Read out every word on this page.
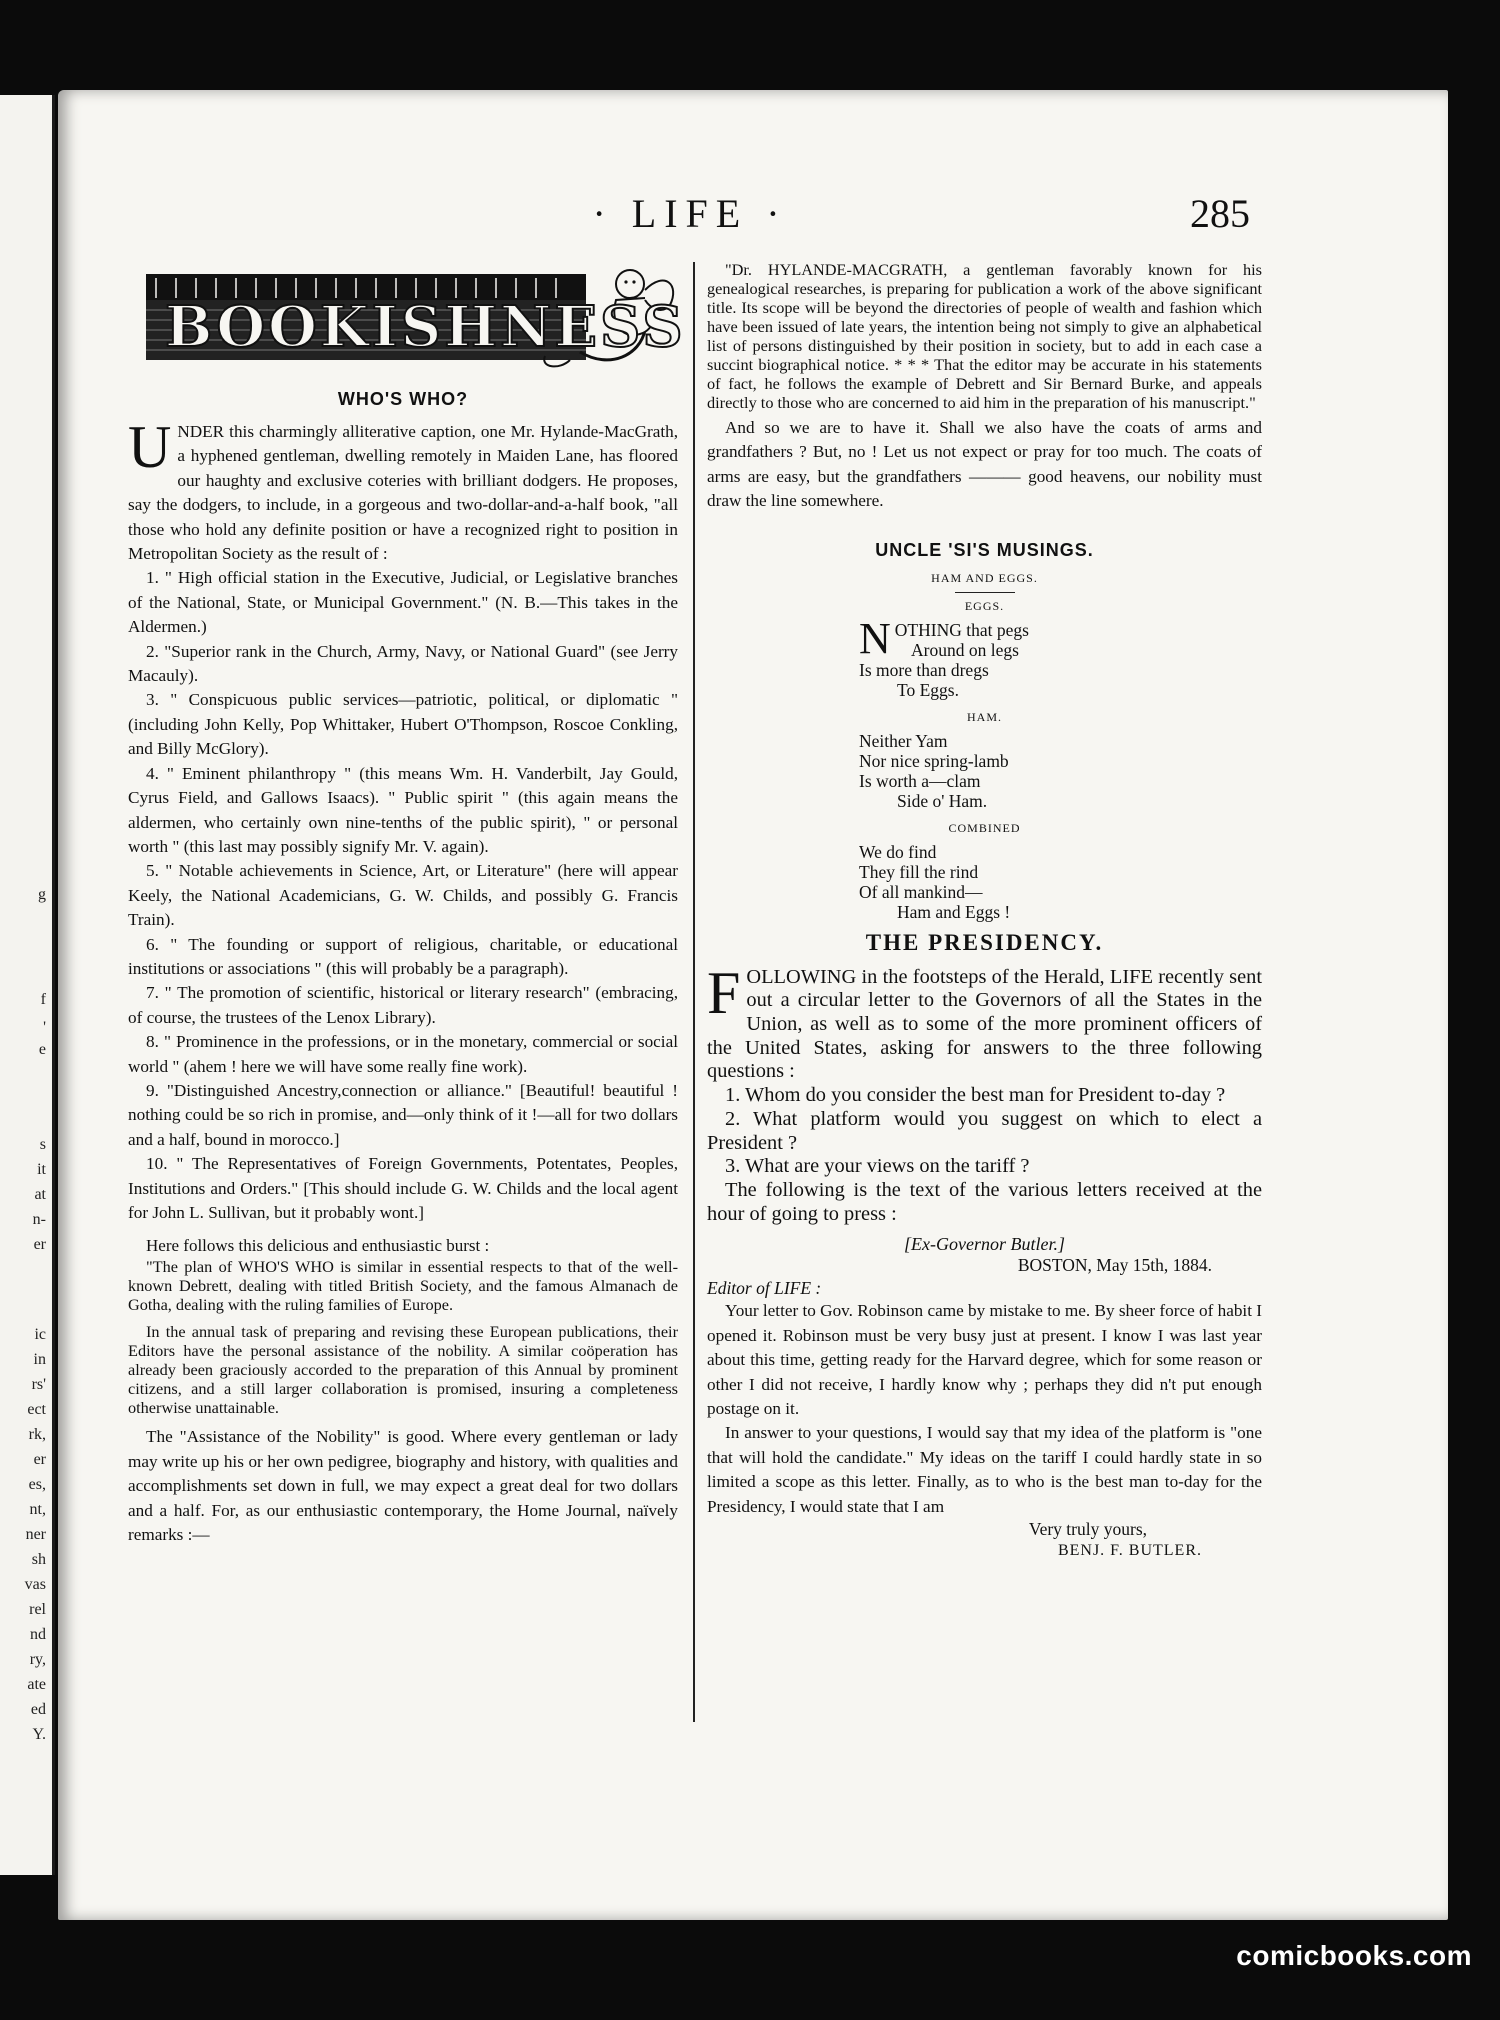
g
f
'
e
s
it
at
n-
er
ic
in
rs'
ect
rk,
er
es,
nt,
ner
sh
vas
rel
nd
ry,
ate
ed
Y.
· LIFE ·	285
BOOKISHNESS
WHO'S WHO?

UNDER this charmingly alliterative caption, one Mr. Hylande-MacGrath, a hyphened gentleman, dwelling remotely in Maiden Lane, has floored our haughty and exclusive coteries with brilliant dodgers. He proposes, say the dodgers, to include, in a gorgeous and two-dollar-and-a-half book, "all those who hold any definite position or have a recognized right to position in Metropolitan Society as the result of :

1. " High official station in the Executive, Judicial, or Legislative branches of the National, State, or Municipal Government." (N. B.—This takes in the Aldermen.)

2. "Superior rank in the Church, Army, Navy, or National Guard" (see Jerry Macauly).

3. " Conspicuous public services—patriotic, political, or diplomatic " (including John Kelly, Pop Whittaker, Hubert O'Thompson, Roscoe Conkling, and Billy McGlory).

4. " Eminent philanthropy " (this means Wm. H. Vanderbilt, Jay Gould, Cyrus Field, and Gallows Isaacs). " Public spirit " (this again means the aldermen, who certainly own nine-tenths of the public spirit), " or personal worth " (this last may possibly signify Mr. V. again).

5. " Notable achievements in Science, Art, or Literature" (here will appear Keely, the National Academicians, G. W. Childs, and possibly G. Francis Train).

6. " The founding or support of religious, charitable, or educational institutions or associations " (this will probably be a paragraph).

7. " The promotion of scientific, historical or literary research" (embracing, of course, the trustees of the Lenox Library).

8. " Prominence in the professions, or in the monetary, commercial or social world " (ahem ! here we will have some really fine work).

9. "Distinguished Ancestry,connection or alliance." [Beautiful! beautiful ! nothing could be so rich in promise, and—only think of it !—all for two dollars and a half, bound in morocco.]

10. " The Representatives of Foreign Governments, Potentates, Peoples, Institutions and Orders." [This should include G. W. Childs and the local agent for John L. Sullivan, but it probably wont.]

Here follows this delicious and enthusiastic burst :

"The plan of WHO'S WHO is similar in essential respects to that of the well-known Debrett, dealing with titled British Society, and the famous Almanach de Gotha, dealing with the ruling families of Europe.

In the annual task of preparing and revising these European publications, their Editors have the personal assistance of the nobility. A similar coöperation has already been graciously accorded to the preparation of this Annual by prominent citizens, and a still larger collaboration is promised, insuring a completeness otherwise unattainable.

The "Assistance of the Nobility" is good. Where every gentleman or lady may write up his or her own pedigree, biography and history, with qualities and accomplishments set down in full, we may expect a great deal for two dollars and a half. For, as our enthusiastic contemporary, the Home Journal, naïvely remarks :—

"Dr. HYLANDE-MACGRATH, a gentleman favorably known for his genealogical researches, is preparing for publication a work of the above significant title. Its scope will be beyond the directories of people of wealth and fashion which have been issued of late years, the intention being not simply to give an alphabetical list of persons distinguished by their position in society, but to add in each case a succint biographical notice. * * * That the editor may be accurate in his statements of fact, he follows the example of Debrett and Sir Bernard Burke, and appeals directly to those who are concerned to aid him in the preparation of his manuscript."

And so we are to have it. Shall we also have the coats of arms and grandfathers ? But, no ! Let us not expect or pray for too much. The coats of arms are easy, but the grandfathers ——— good heavens, our nobility must draw the line somewhere.

UNCLE 'SI'S MUSINGS.
HAM AND EGGS.
EGGS.
N OTHING that pegs
Around on legs
Is more than dregs
To Eggs.
HAM.
Neither Yam
Nor nice spring-lamb
Is worth a—clam
Side o' Ham.
COMBINED
We do find
They fill the rind
Of all mankind—
Ham and Eggs !
THE PRESIDENCY.

FOLLOWING in the footsteps of the Herald, LIFE recently sent out a circular letter to the Governors of all the States in the Union, as well as to some of the more prominent officers of the United States, asking for answers to the three following questions :

1. Whom do you consider the best man for President to-day ?

2. What platform would you suggest on which to elect a President ?

3. What are your views on the tariff ?

The following is the text of the various letters received at the hour of going to press :

[Ex-Governor Butler.]
BOSTON, May 15th, 1884.
Editor of LIFE :

Your letter to Gov. Robinson came by mistake to me. By sheer force of habit I opened it. Robinson must be very busy just at present. I know I was last year about this time, getting ready for the Harvard degree, which for some reason or other I did not receive, I hardly know why ; perhaps they did n't put enough postage on it.

In answer to your questions, I would say that my idea of the platform is "one that will hold the candidate." My ideas on the tariff I could hardly state in so limited a scope as this letter. Finally, as to who is the best man to-day for the Presidency, I would state that I am

Very truly yours,
BENJ. F. BUTLER.
comicbooks.com
